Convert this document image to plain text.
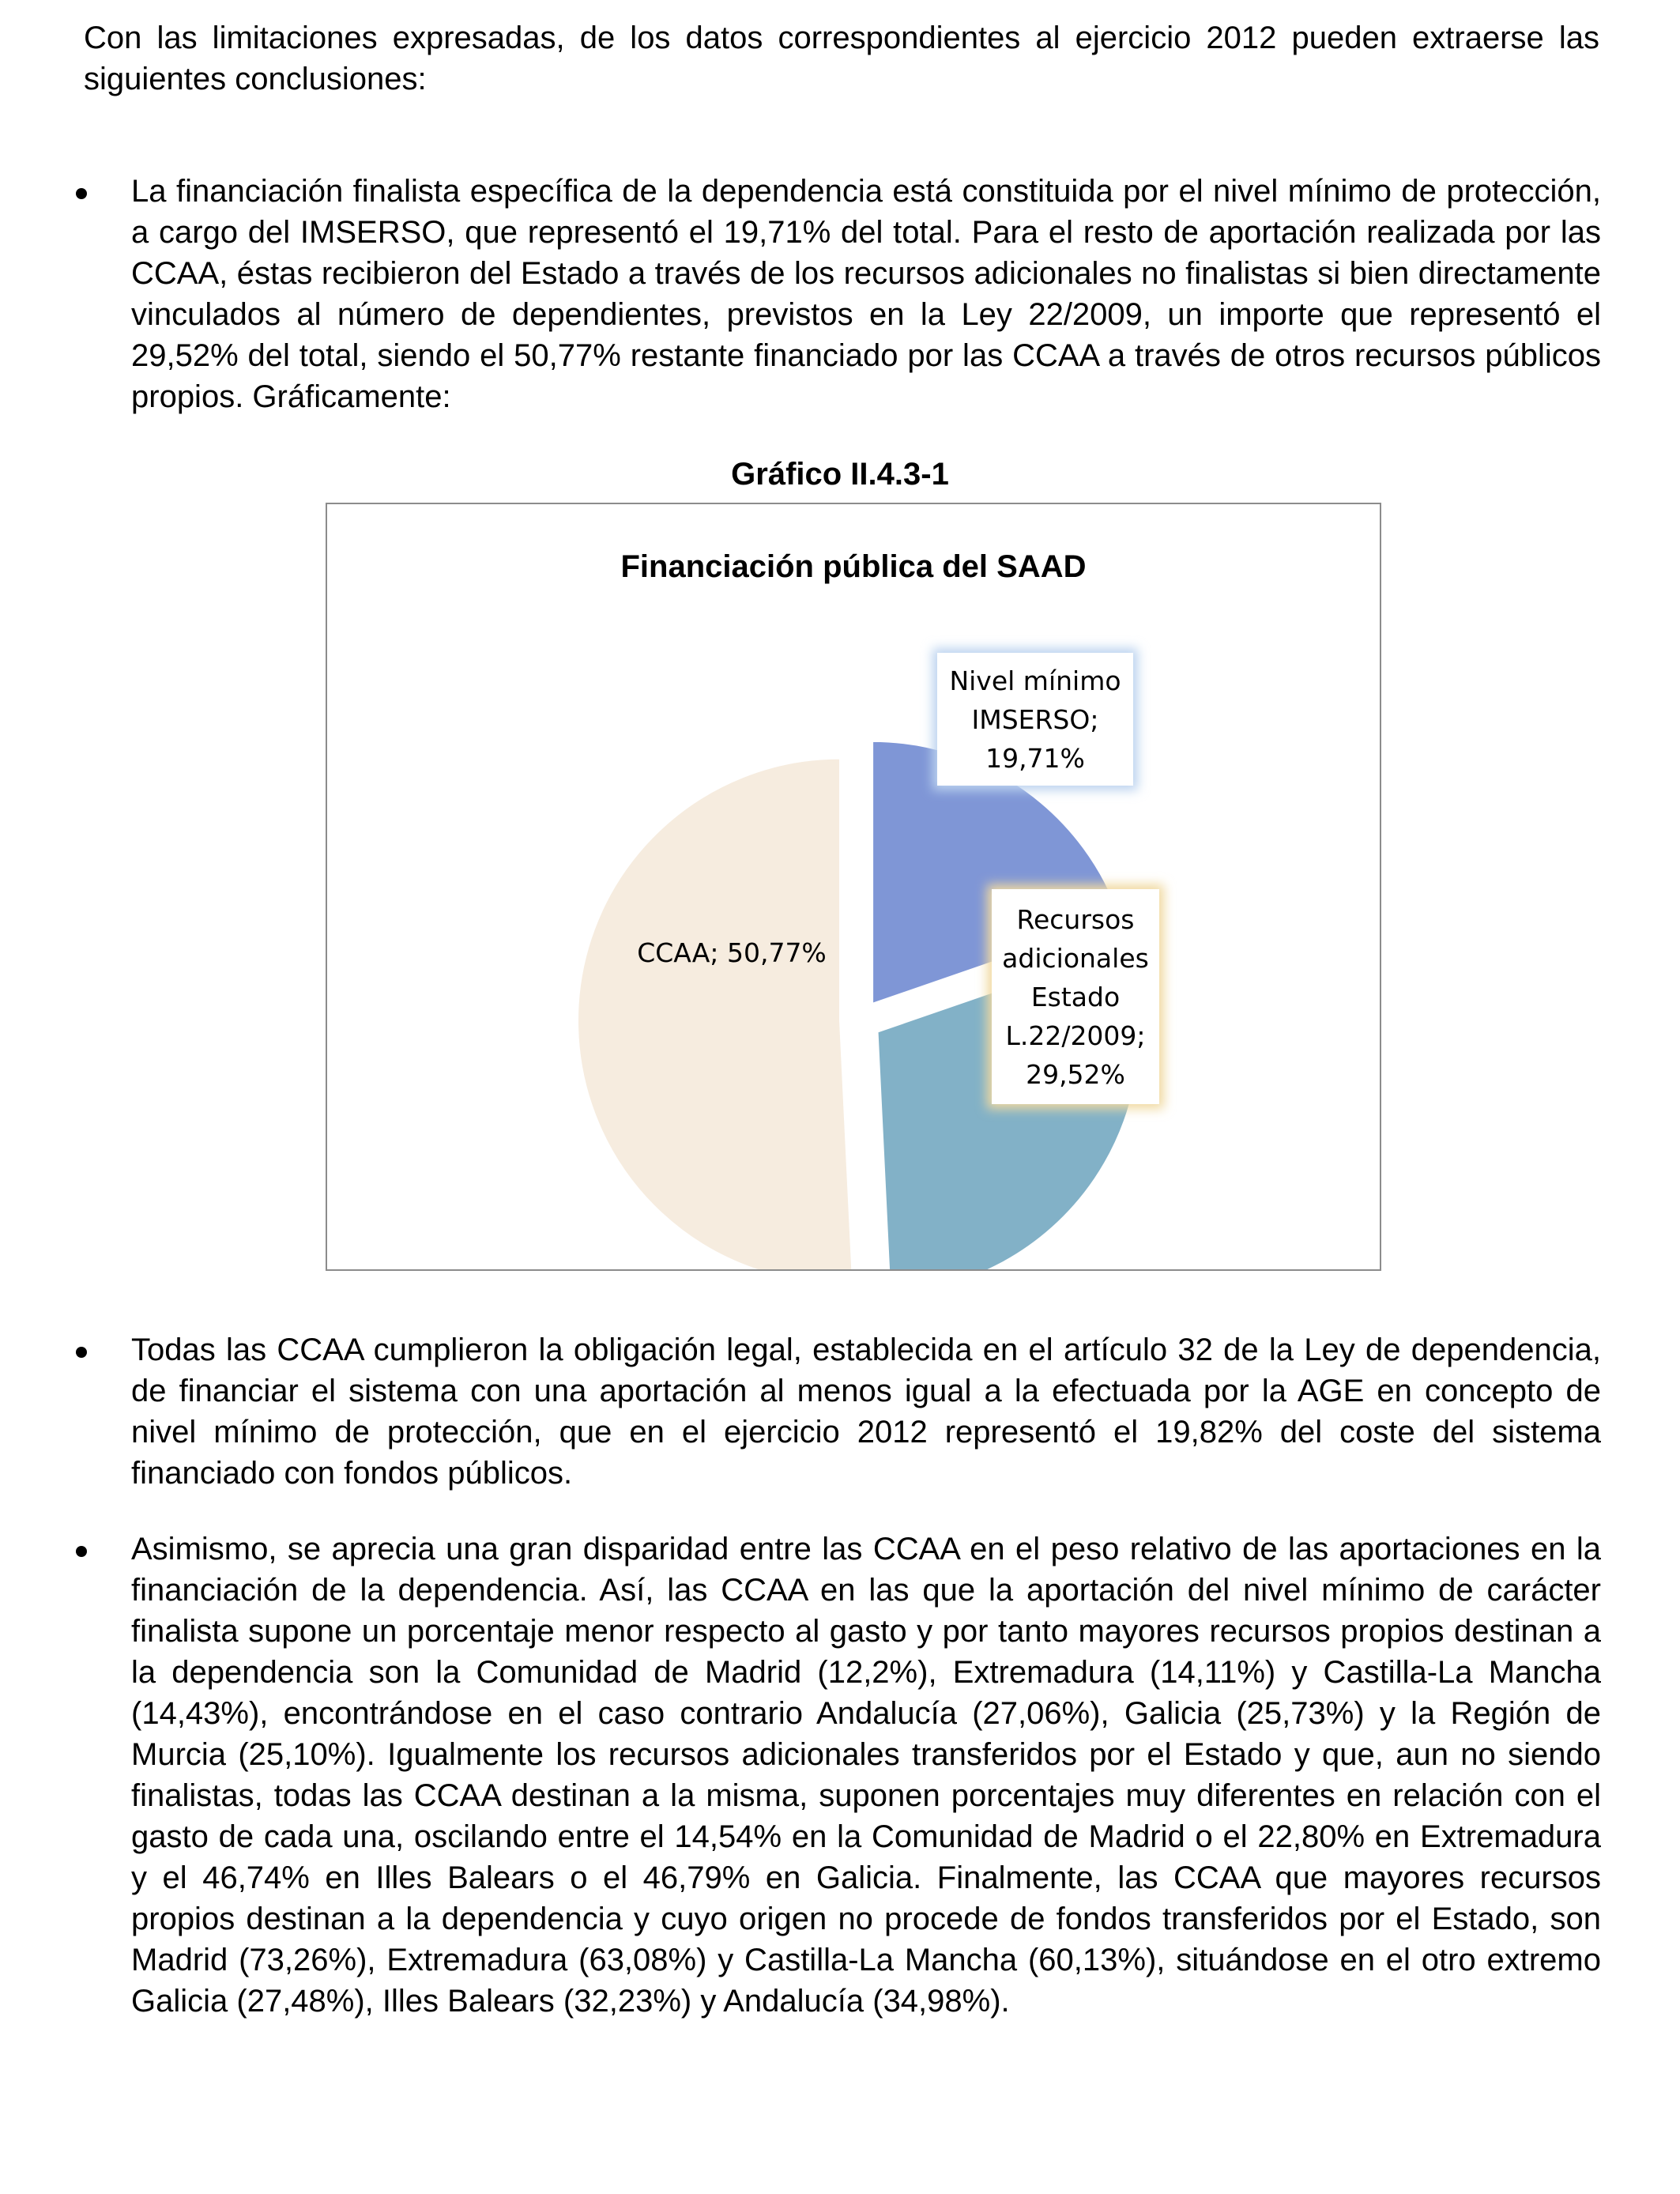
Con las limitaciones expresadas, de los datos correspondientes al ejercicio 2012 pueden extraerse las siguientes conclusiones:

La financiación finalista específica de la dependencia está constituida por el nivel mínimo de protección, a cargo del IMSERSO, que representó el 19,71% del total. Para el resto de aportación realizada por las CCAA, éstas recibieron del Estado a través de los recursos adicionales no finalistas si bien directamente vinculados al número de dependientes, previstos en la Ley 22/2009, un importe que representó el 29,52% del total, siendo el 50,77% restante financiado por las CCAA a través de otros recursos públicos propios. Gráficamente:
Gráfico II.4.3-1
Financiación pública del SAAD
Nivel mínimo
IMSERSO;
19,71%
Recursos
adicionales
Estado
L.22/2009;
29,52%
CCAA; 50,77%
Todas las CCAA cumplieron la obligación legal, establecida en el artículo 32 de la Ley de dependencia, de financiar el sistema con una aportación al menos igual a la efectuada por la AGE en concepto de nivel mínimo de protección, que en el ejercicio 2012 representó el 19,82% del coste del sistema financiado con fondos públicos.
Asimismo, se aprecia una gran disparidad entre las CCAA en el peso relativo de las aportaciones en la financiación de la dependencia. Así, las CCAA en las que la aportación del nivel mínimo de carácter finalista supone un porcentaje menor respecto al gasto y por tanto mayores recursos propios destinan a la dependencia son la Comunidad de Madrid (12,2%), Extremadura (14,11%) y Castilla-La Mancha (14,43%), encontrándose en el caso contrario Andalucía (27,06%), Galicia (25,73%) y la Región de Murcia (25,10%). Igualmente los recursos adicionales transferidos por el Estado y que, aun no siendo finalistas, todas las CCAA destinan a la misma, suponen porcentajes muy diferentes en relación con el gasto de cada una, oscilando entre el 14,54% en la Comunidad de Madrid o el 22,80% en Extremadura y el 46,74% en Illes Balears o el 46,79% en Galicia. Finalmente, las CCAA que mayores recursos propios destinan a la dependencia y cuyo origen no procede de fondos transferidos por el Estado, son Madrid (73,26%), Extremadura (63,08%) y Castilla-La Mancha (60,13%), situándose en el otro extremo Galicia (27,48%), Illes Balears (32,23%) y Andalucía (34,98%).
